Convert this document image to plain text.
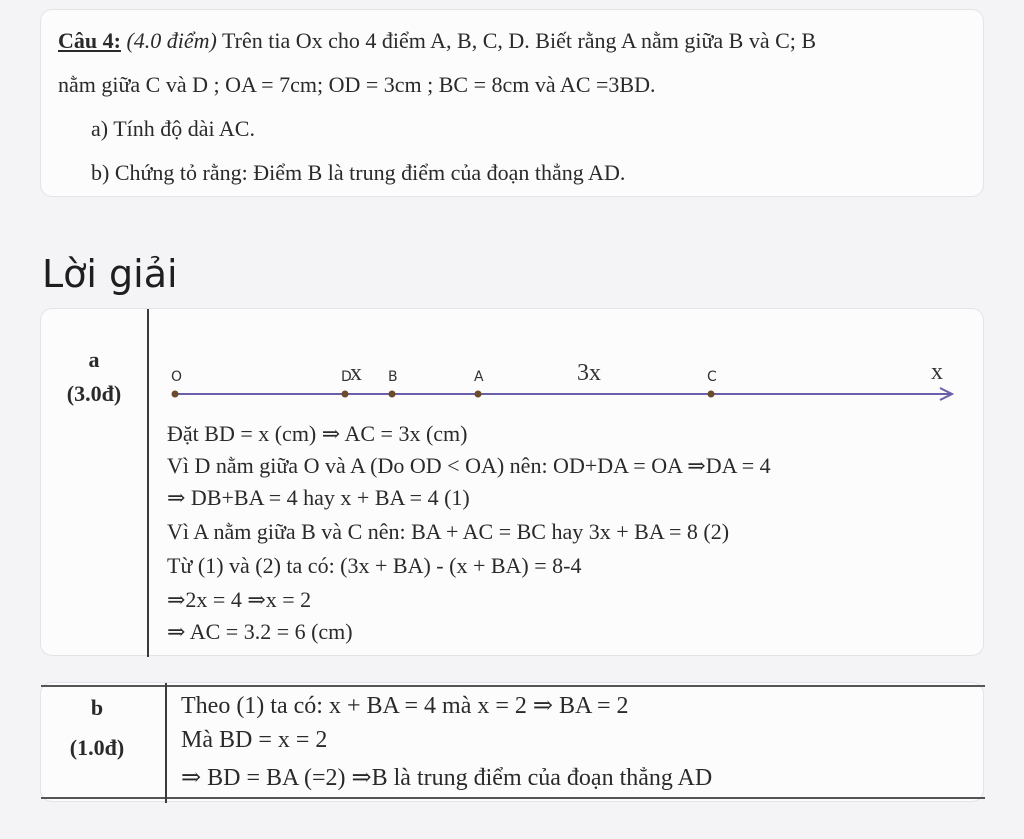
Câu 4: (4.0 điểm) Trên tia Ox cho 4 điểm A, B, C, D. Biết rằng A nằm giữa B và C; B
nằm giữa C và D ; OA = 7cm; OD = 3cm ; BC = 8cm và AC =3BD.
a) Tính độ dài AC.
b) Chứng tỏ rằng: Điểm B là trung điểm của đoạn thẳng AD.
Lời giải
a
(3.0đ)
O	D	B	A	C	x
x	3x
Đặt BD = x (cm) ⇒ AC = 3x (cm)
Vì D nằm giữa O và A (Do OD < OA) nên: OD+DA = OA ⇒DA = 4
⇒ DB+BA = 4 hay x + BA = 4 (1)
Vì A nằm giữa B và C nên: BA + AC = BC hay 3x + BA = 8 (2)
Từ (1) và (2) ta có: (3x + BA) - (x + BA) = 8-4
⇒2x = 4 ⇒x = 2
⇒ AC = 3.2 = 6 (cm)
b
(1.0đ)
Theo (1) ta có: x + BA = 4 mà x = 2 ⇒ BA = 2
Mà BD = x = 2
⇒ BD = BA (=2) ⇒B là trung điểm của đoạn thẳng AD
